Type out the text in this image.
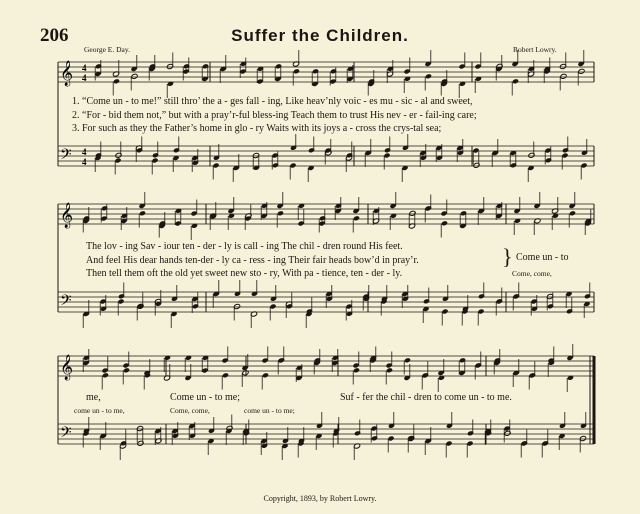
206	Suffer the Children.
George E. Day.	Robert Lowry.
𝄞
𝄢
4
4
4
4
𝄞
𝄢
𝄞
𝄢
1. “Come un - to me!” still thro’ the a - ges fall - ing, Like heav’nly voic - es mu - sic - al and sweet,
2. “For - bid them not,” but with a pray’r-ful bless-ing Teach them to trust His nev - er - fail-ing care;
3. For such as they the Father’s home in glo - ry Waits with its joys a - cross the crys-tal sea;
The lov - ing Sav - iour ten - der - ly is call - ing The chil - dren round His feet.
And feel His dear hands ten-der - ly ca - ress - ing Their fair heads bow’d in pray’r.
Then tell them oft the old yet sweet new sto - ry, With pa - tience, ten - der - ly.
} Come un - to
Come, come,
me,	Come un - to me;	Suf - fer the chil - dren to come un - to me.
come un - to me,	Come, come,	come un - to me;
Copyright, 1893, by Robert Lowry.
